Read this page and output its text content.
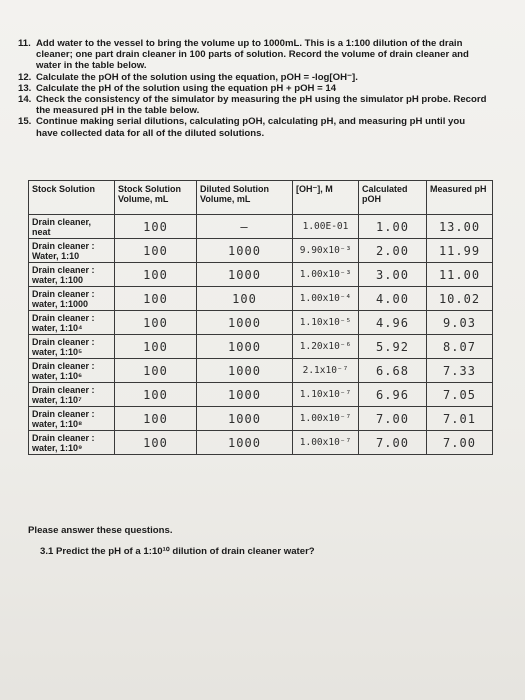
11. Add water to the vessel to bring the volume up to 1000mL. This is a 1:100 dilution of the drain cleaner; one part drain cleaner in 100 parts of solution. Record the volume of drain cleaner and water in the table below.
12. Calculate the pOH of the solution using the equation, pOH = -log[OH⁻].
13. Calculate the pH of the solution using the equation pH + pOH = 14
14. Check the consistency of the simulator by measuring the pH using the simulator pH probe. Record the measured pH in the table below.
15. Continue making serial dilutions, calculating pOH, calculating pH, and measuring pH until you have collected data for all of the diluted solutions.
Stock Solution	Stock Solution Volume, mL	Diluted Solution Volume, mL	[OH⁻], M	Calculated pOH	Measured pH
Drain cleaner, neat	100	–	1.00E-01	1.00	13.00
Drain cleaner : Water, 1:10	100	1000	9.90x10⁻³	2.00	11.99
Drain cleaner : water, 1:100	100	1000	1.00x10⁻³	3.00	11.00
Drain cleaner : water, 1:1000	100	100	1.00x10⁻⁴	4.00	10.02
Drain cleaner : water, 1:10⁴	100	1000	1.10x10⁻⁵	4.96	9.03
Drain cleaner : water, 1:10⁵	100	1000	1.20x10⁻⁶	5.92	8.07
Drain cleaner : water, 1:10⁶	100	1000	2.1x10⁻⁷	6.68	7.33
Drain cleaner : water, 1:10⁷	100	1000	1.10x10⁻⁷	6.96	7.05
Drain cleaner : water, 1:10⁸	100	1000	1.00x10⁻⁷	7.00	7.01
Drain cleaner : water, 1:10⁹	100	1000	1.00x10⁻⁷	7.00	7.00
Please answer these questions.
3.1 Predict the pH of a 1:10¹⁰ dilution of drain cleaner water?
